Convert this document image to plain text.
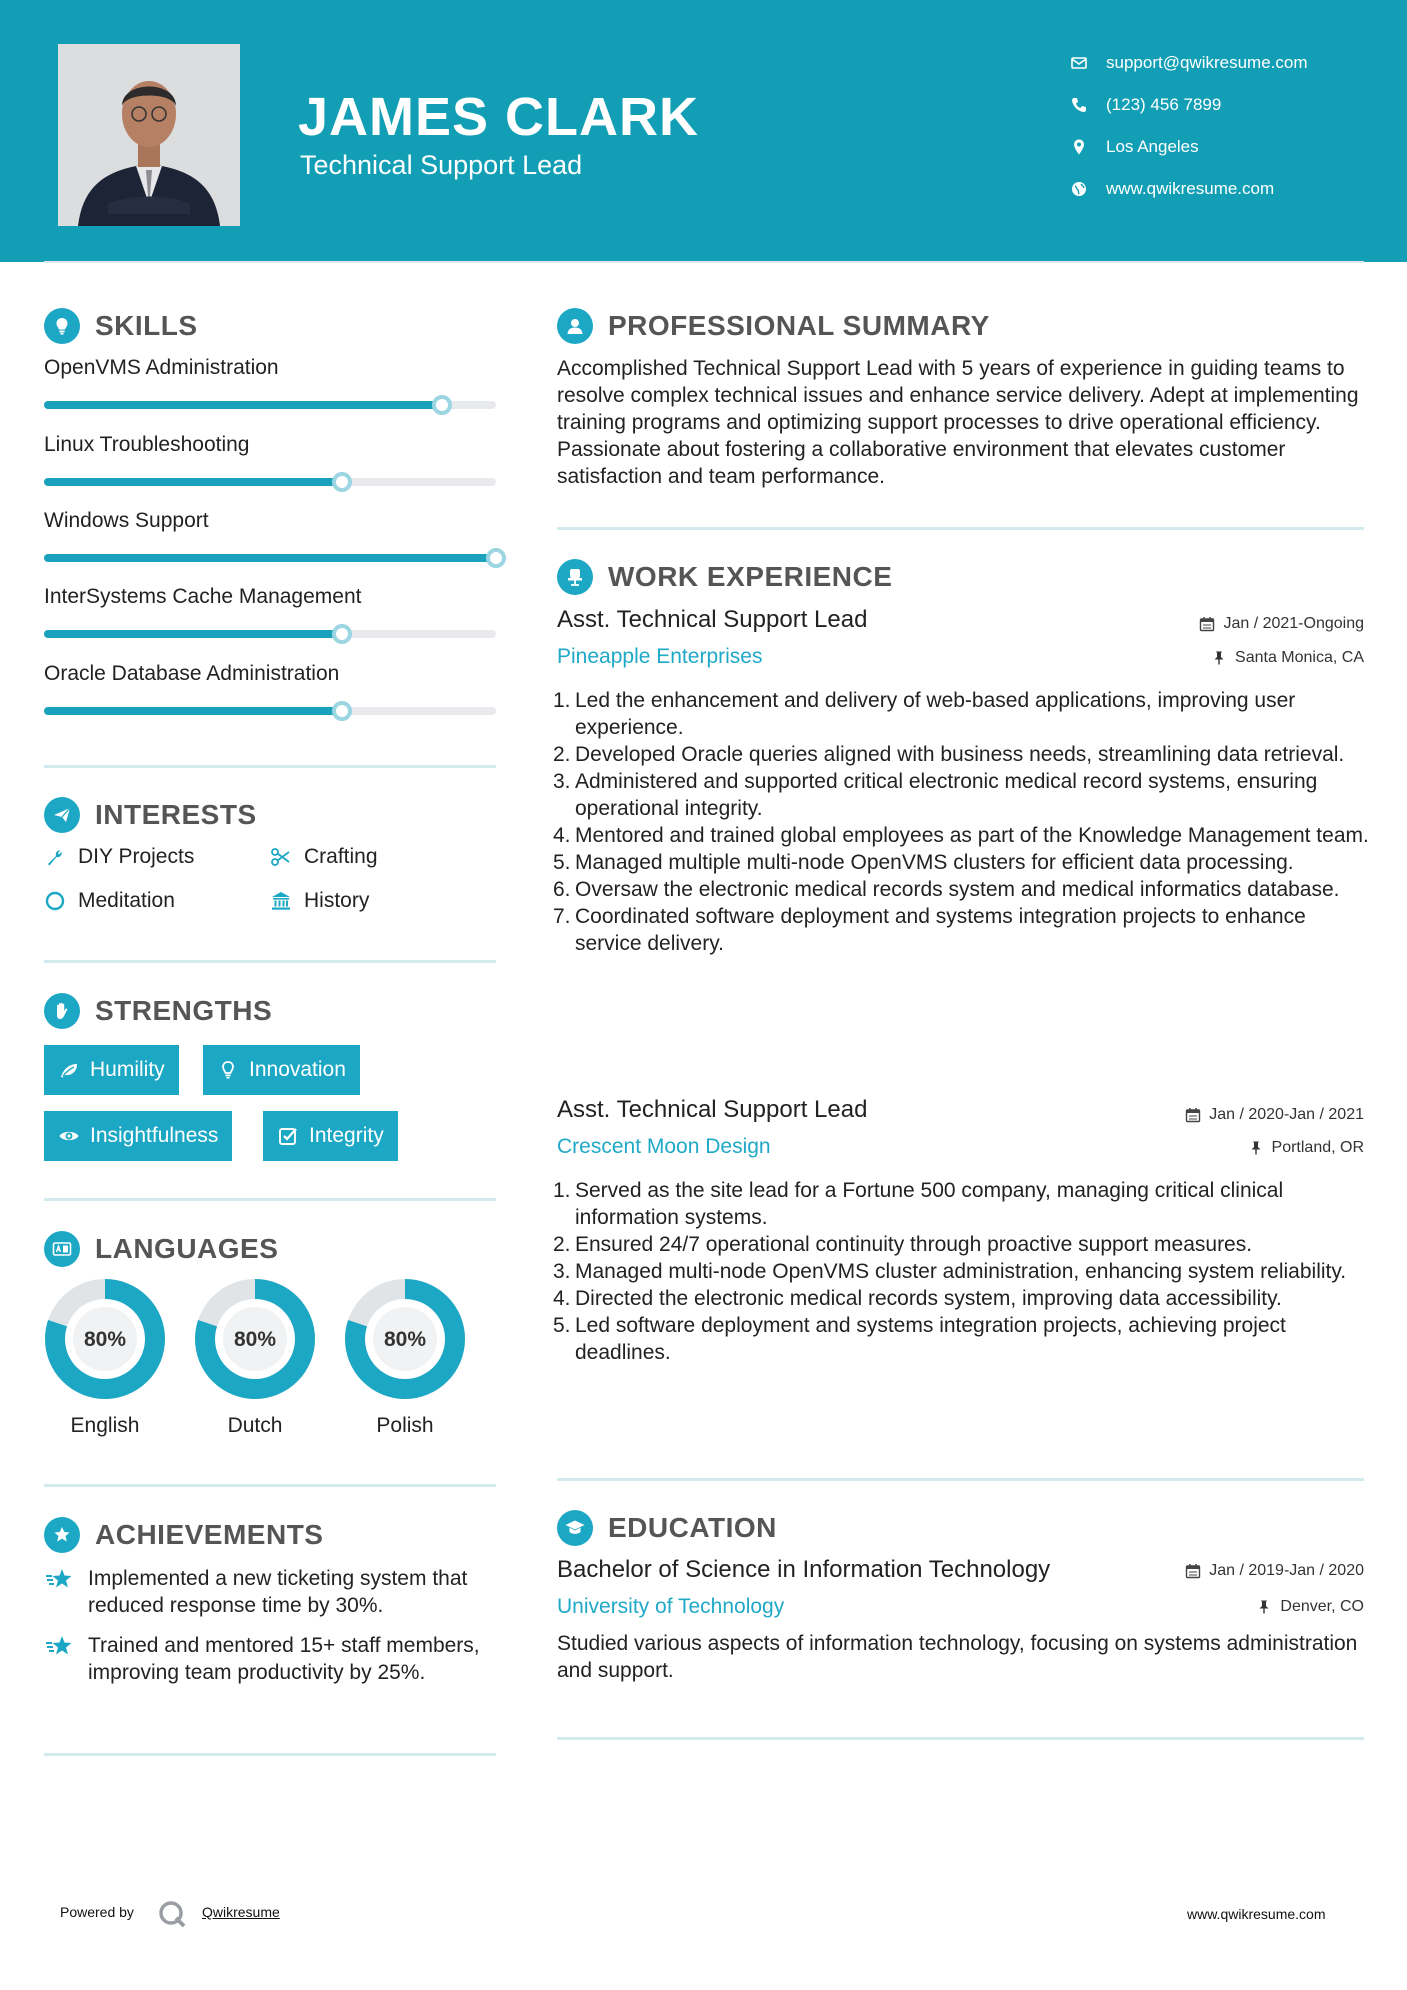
JAMES CLARK
Technical Support Lead
support@qwikresume.com
(123) 456 7899
Los Angeles
www.qwikresume.com
SKILLS
OpenVMS Administration
Linux Troubleshooting
Windows Support
InterSystems Cache Management
Oracle Database Administration
INTERESTS
DIY Projects	Crafting
Meditation	History
STRENGTHS
Humility	Innovation
Insightfulness	Integrity
LANGUAGES
80%	80%	80%
English	Dutch	Polish
ACHIEVEMENTS
Implemented a new ticketing system that reduced response time by 30%.
Trained and mentored 15+ staff members, improving team productivity by 25%.
PROFESSIONAL SUMMARY
Accomplished Technical Support Lead with 5 years of experience in guiding teams to resolve complex technical issues and enhance service delivery. Adept at implementing training programs and optimizing support processes to drive operational efficiency. Passionate about fostering a collaborative environment that elevates customer satisfaction and team performance.
WORK EXPERIENCE
Asst. Technical Support Lead	Jan / 2021-Ongoing
Pineapple Enterprises	Santa Monica, CA
1. Led the enhancement and delivery of web-based applications, improving user experience.
2. Developed Oracle queries aligned with business needs, streamlining data retrieval.
3. Administered and supported critical electronic medical record systems, ensuring operational integrity.
4. Mentored and trained global employees as part of the Knowledge Management team.
5. Managed multiple multi-node OpenVMS clusters for efficient data processing.
6. Oversaw the electronic medical records system and medical informatics database.
7. Coordinated software deployment and systems integration projects to enhance service delivery.
Asst. Technical Support Lead	Jan / 2020-Jan / 2021
Crescent Moon Design	Portland, OR
1. Served as the site lead for a Fortune 500 company, managing critical clinical information systems.
2. Ensured 24/7 operational continuity through proactive support measures.
3. Managed multi-node OpenVMS cluster administration, enhancing system reliability.
4. Directed the electronic medical records system, improving data accessibility.
5. Led software deployment and systems integration projects, achieving project deadlines.
EDUCATION
Bachelor of Science in Information Technology	Jan / 2019-Jan / 2020
University of Technology	Denver, CO
Studied various aspects of information technology, focusing on systems administration and support.
Powered by	Qwikresume	www.qwikresume.com
